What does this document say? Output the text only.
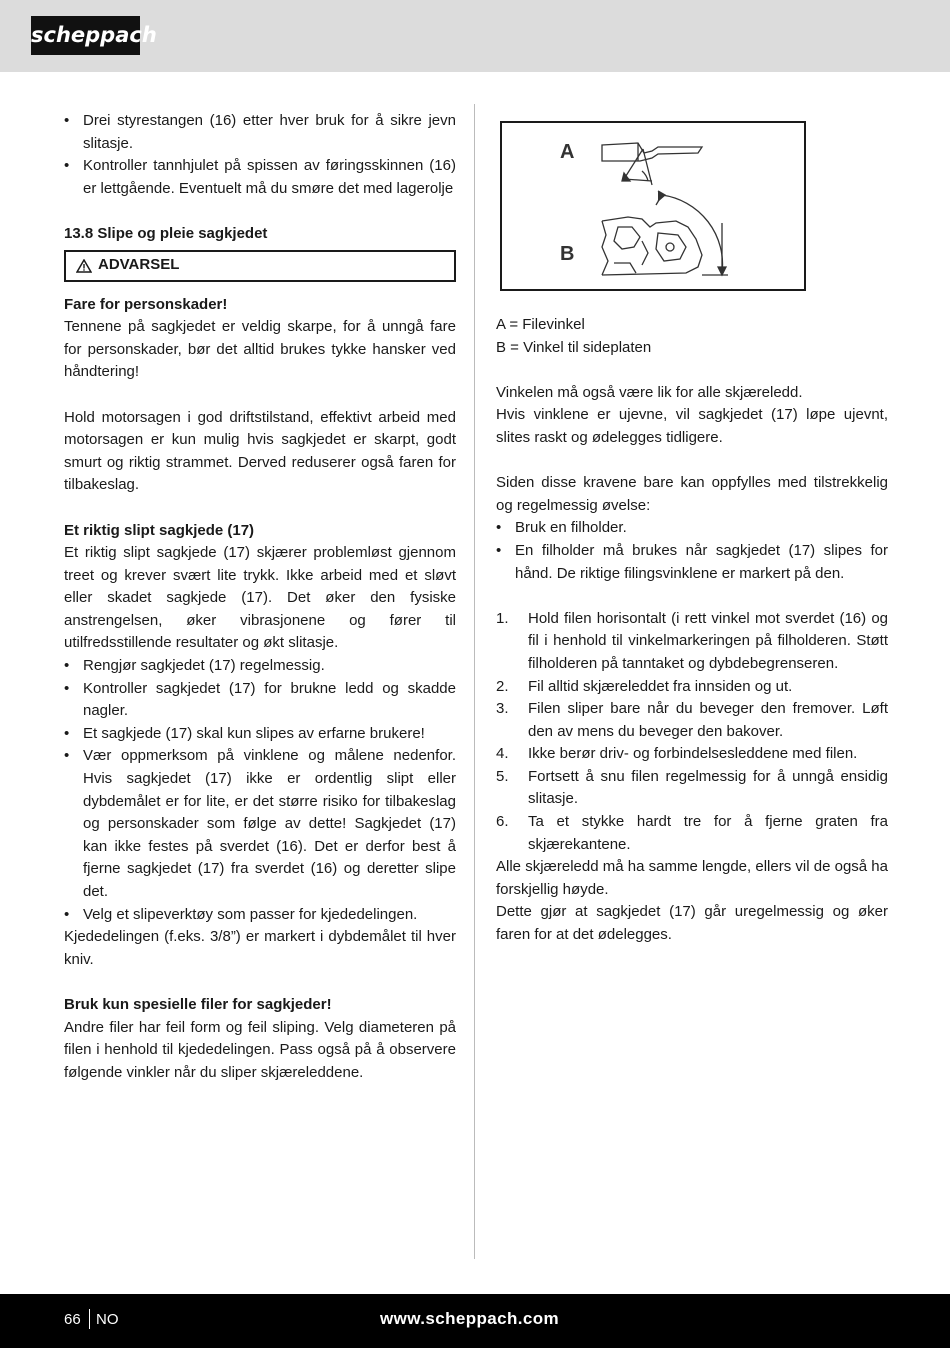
scheppach
• Drei styrestangen (16) etter hver bruk for å sikre jevn slitasje.
• Kontroller tannhjulet på spissen av føringsskinnen (16) er lettgående. Eventuelt må du smøre det med lagerolje

13.8 Slipe og pleie sagkjedet

ADVARSEL

Fare for personskader!

Tennene på sagkjedet er veldig skarpe, for å unngå fare for personskader, bør det alltid brukes tykke hansker ved håndtering!

Hold motorsagen i god driftstilstand, effektivt arbeid med motorsagen er kun mulig hvis sagkjedet er skarpt, godt smurt og riktig strammet. Derved reduserer også faren for tilbakeslag.

Et riktig slipt sagkjede (17)

Et riktig slipt sagkjede (17) skjærer problemløst gjennom treet og krever svært lite trykk. Ikke arbeid med et sløvt eller skadet sagkjede (17). Det øker den fysiske anstrengelsen, øker vibrasjonene og fører til utilfredsstillende resultater og økt slitasje.

• Rengjør sagkjedet (17) regelmessig.
• Kontroller sagkjedet (17) for brukne ledd og skadde nagler.
• Et sagkjede (17) skal kun slipes av erfarne brukere!
• Vær oppmerksom på vinklene og målene nedenfor. Hvis sagkjedet (17) ikke er ordentlig slipt eller dybdemålet er for lite, er det større risiko for tilbakeslag og personskader som følge av dette! Sagkjedet (17) kan ikke festes på sverdet (16). Det er derfor best å fjerne sagkjedet (17) fra sverdet (16) og deretter slipe det.
• Velg et slipeverktøy som passer for kjededelingen.

Kjededelingen (f.eks. 3/8”) er markert i dybdemålet til hver kniv.

Bruk kun spesielle filer for sagkjeder!

Andre filer har feil form og feil sliping. Velg diameteren på filen i henhold til kjededelingen. Pass også på å observere følgende vinkler når du sliper skjæreleddene.

A
B

A = Filevinkel

B = Vinkel til sideplaten

Vinkelen må også være lik for alle skjæreledd.

Hvis vinklene er ujevne, vil sagkjedet (17) løpe ujevnt, slites raskt og ødelegges tidligere.

Siden disse kravene bare kan oppfylles med tilstrekkelig og regelmessig øvelse:

• Bruk en filholder.
• En filholder må brukes når sagkjedet (17) slipes for hånd. De riktige filingsvinklene er markert på den.
1. Hold filen horisontalt (i rett vinkel mot sverdet (16) og fil i henhold til vinkelmarkeringen på filholderen. Støtt filholderen på tanntaket og dybdebegrenseren.
2. Fil alltid skjæreleddet fra innsiden og ut.
3. Filen sliper bare når du beveger den fremover. Løft den av mens du beveger den bakover.
4. Ikke berør driv- og forbindelsesleddene med filen.
5. Fortsett å snu filen regelmessig for å unngå ensidig slitasje.
6. Ta et stykke hardt tre for å fjerne graten fra skjærekantene.

Alle skjæreledd må ha samme lengde, ellers vil de også ha forskjellig høyde.

Dette gjør at sagkjedet (17) går uregelmessig og øker faren for at det ødelegges.

66 NO	www.scheppach.com
